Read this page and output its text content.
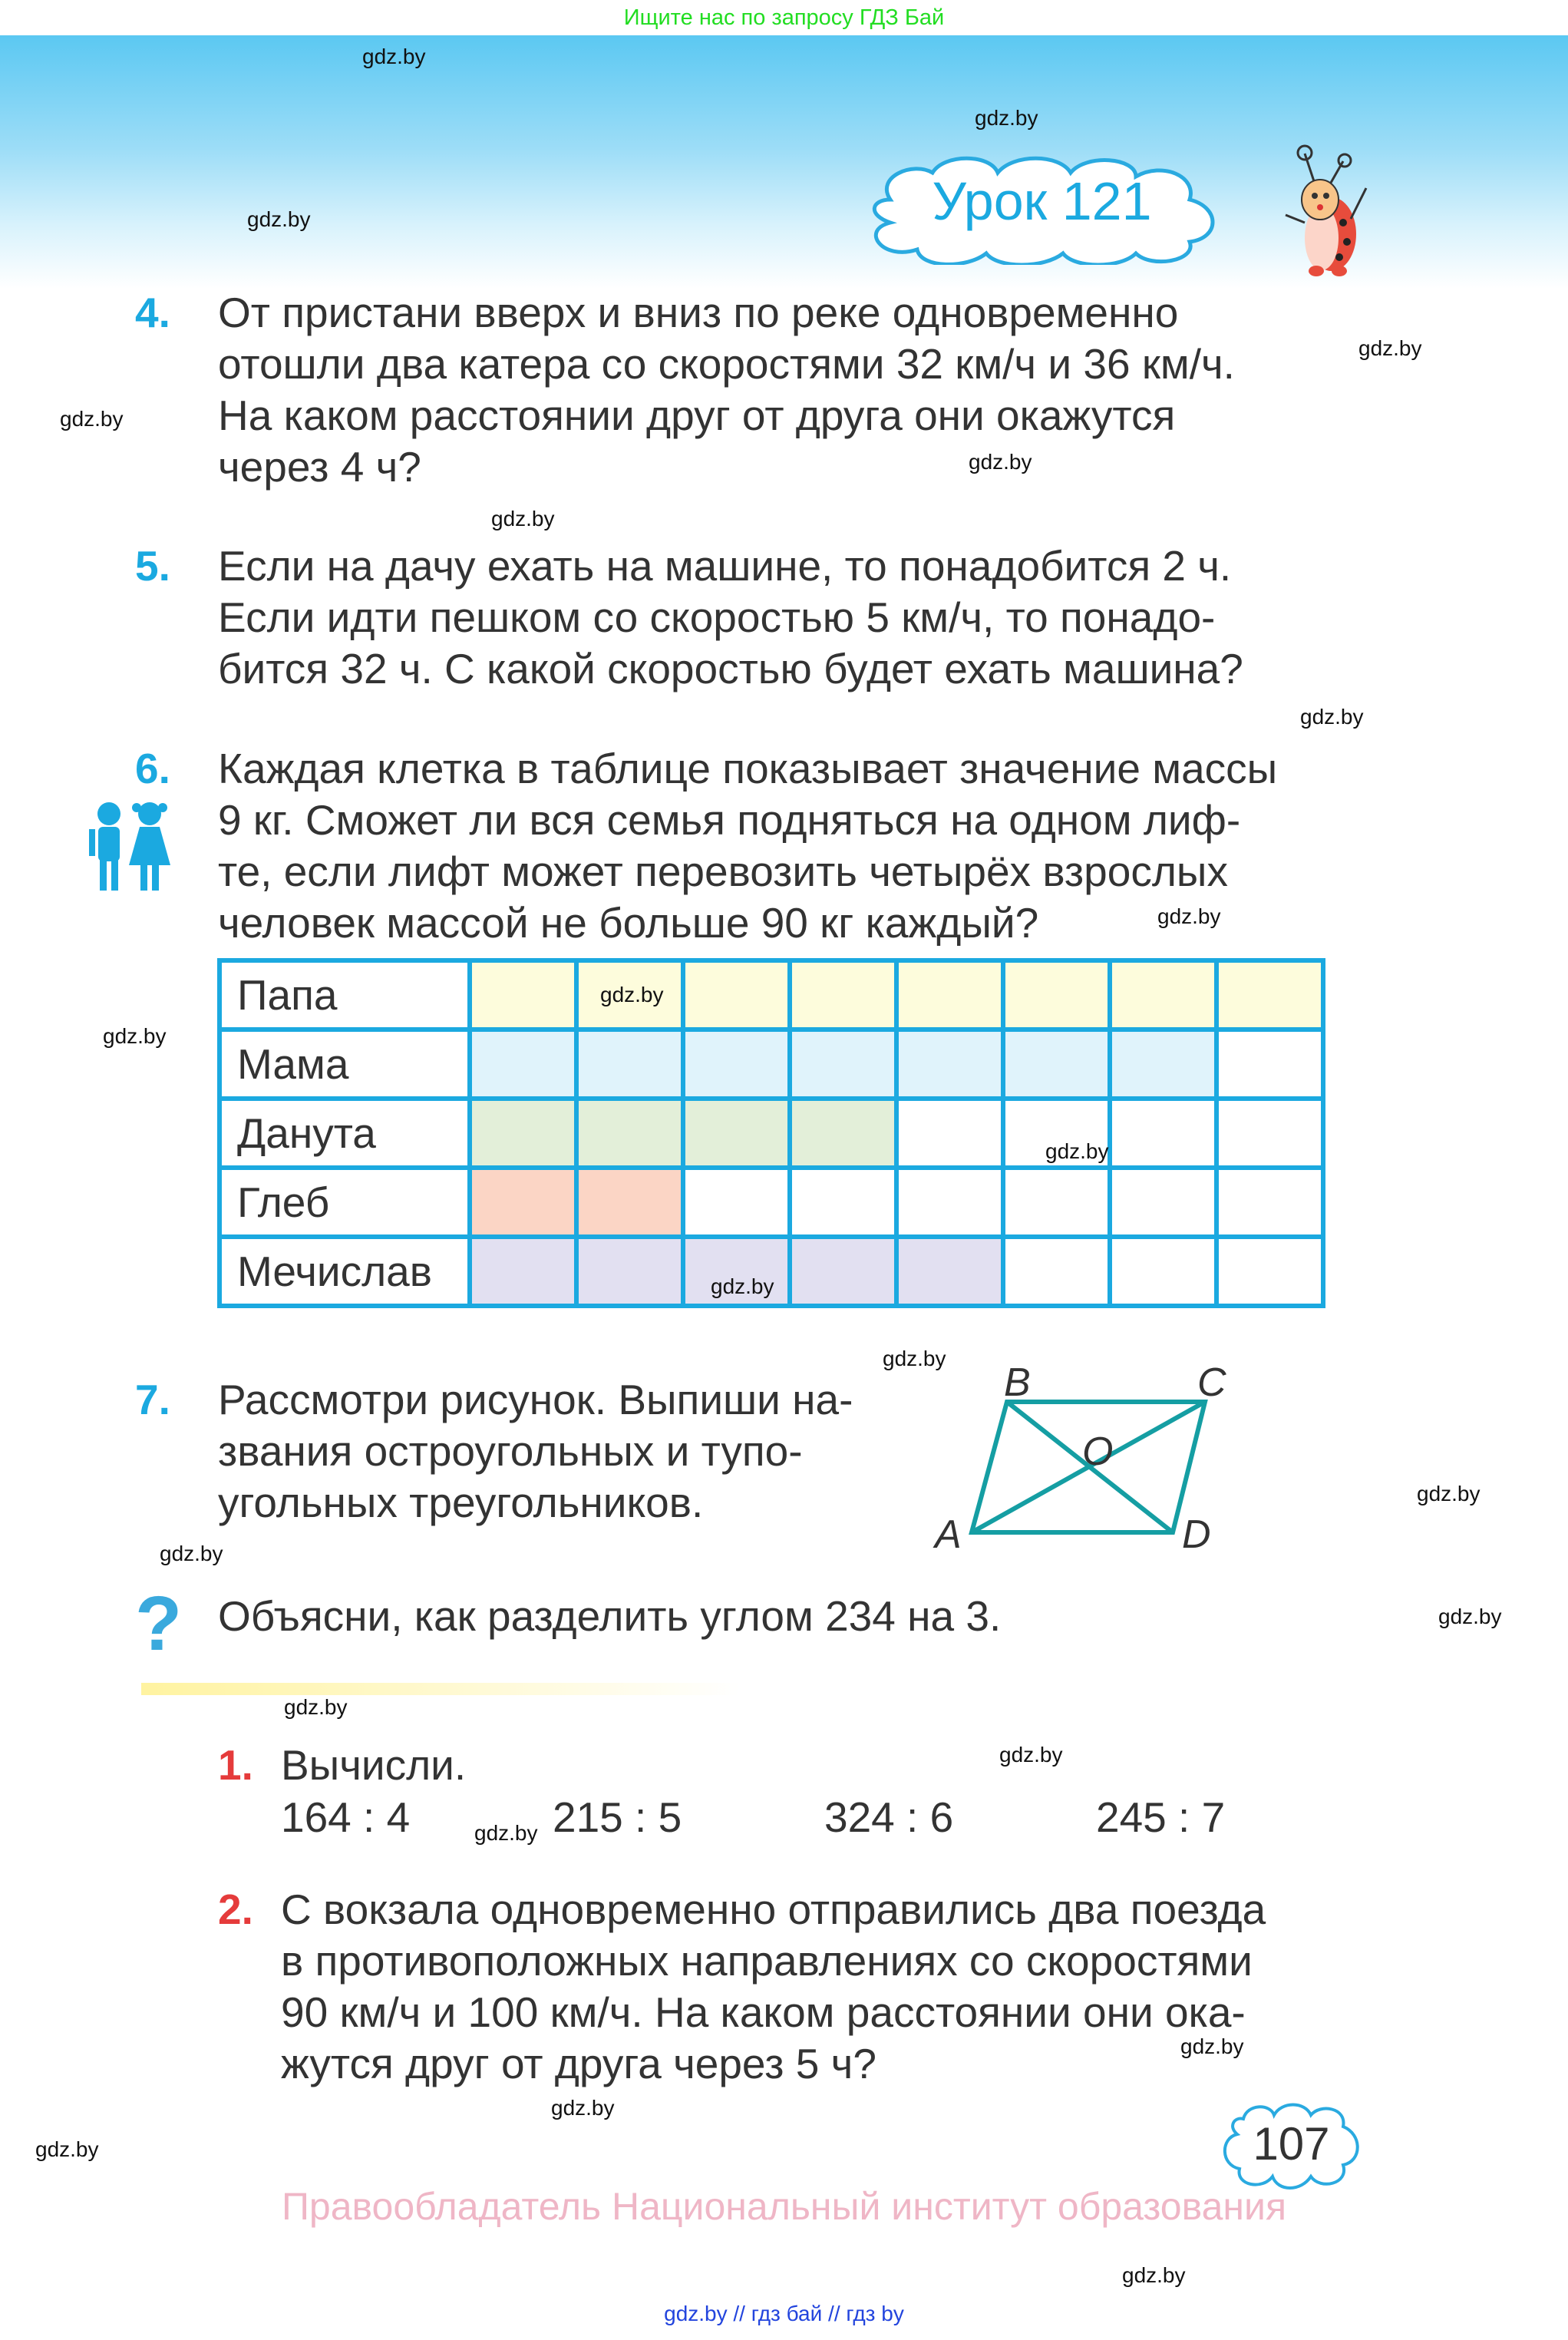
Ищите нас по запросу ГДЗ Бай
gdz.by
gdz.by
gdz.by
gdz.by
gdz.by
gdz.by
gdz.by
gdz.by
gdz.by
gdz.by
gdz.by
gdz.by
gdz.by
gdz.by
gdz.by
gdz.by
gdz.by
gdz.by
gdz.by
gdz.by
gdz.by
Урок 121
4. От пристани вверх и вниз по реке одновременно
отошли два катера со скоростями 32 км/ч и 36 км/ч.
На каком расстоянии друг от друга они окажутся
через 4 ч?
5. Если на дачу ехать на машине, то понадобится 2 ч.
Если идти пешком со скоростью 5 км/ч, то понадо-
бится 32 ч. С какой скоростью будет ехать машина?
6. Каждая клетка в таблице показывает значение массы
9 кг. Сможет ли вся семья подняться на одном лиф-
те, если лифт может перевозить четырёх взрослых
человек массой не больше 90 кг каждый?
Папа								
Мама								
Данута								
Глеб								
Мечислав								
gdz.by
gdz.by
gdz.by
7. Рассмотри рисунок. Выпиши на-
звания остроугольных и тупо-
угольных треугольников.
B	C
O
A	D
? Объясни, как разделить углом 234 на 3.
1. Вычисли.
164 : 4	215 : 5	324 : 6	245 : 7
2. С вокзала одновременно отправились два поезда
в противоположных направлениях со скоростями
90 км/ч и 100 км/ч. На каком расстоянии они ока-
жутся друг от друга через 5 ч?
107
Правообладатель Национальный институт образования
gdz.by // гдз бай // гдз by
